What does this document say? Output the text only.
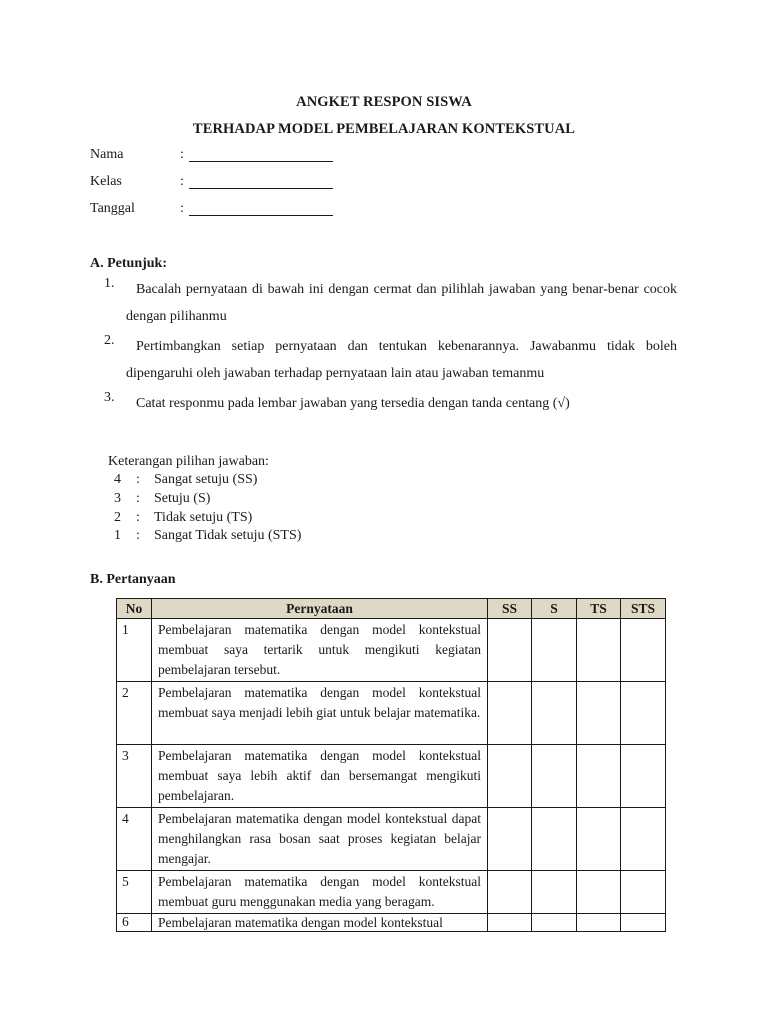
ANGKET RESPON SISWA
TERHADAP MODEL PEMBELAJARAN KONTEKSTUAL
Nama	:
Kelas	:
Tanggal	:
A. Petunjuk:
1.	Bacalah pernyataan di bawah ini dengan cermat dan pilihlah jawaban yang benar-benar cocok dengan pilihanmu
2.	Pertimbangkan setiap pernyataan dan tentukan kebenarannya. Jawabanmu tidak boleh dipengaruhi oleh jawaban terhadap pernyataan lain atau jawaban temanmu
3.	Catat responmu pada lembar jawaban yang tersedia dengan tanda centang (√)
Keterangan pilihan jawaban:
4 : Sangat setuju (SS)
3 : Setuju (S)
2 : Tidak setuju (TS)
1 : Sangat Tidak setuju (STS)
B. Pertanyaan
No	Pernyataan	SS	S	TS	STS
1	Pembelajaran matematika dengan model kontekstual membuat saya tertarik untuk mengikuti kegiatan pembelajaran tersebut.				
2	Pembelajaran matematika dengan model kontekstual membuat saya menjadi lebih giat untuk belajar matematika.				
3	Pembelajaran matematika dengan model kontekstual membuat saya lebih aktif dan bersemangat mengikuti pembelajaran.				
4	Pembelajaran matematika dengan model kontekstual dapat menghilangkan rasa bosan saat proses kegiatan belajar mengajar.				
5	Pembelajaran matematika dengan model kontekstual membuat guru menggunakan media yang beragam.				
6	Pembelajaran matematika dengan model kontekstual				
